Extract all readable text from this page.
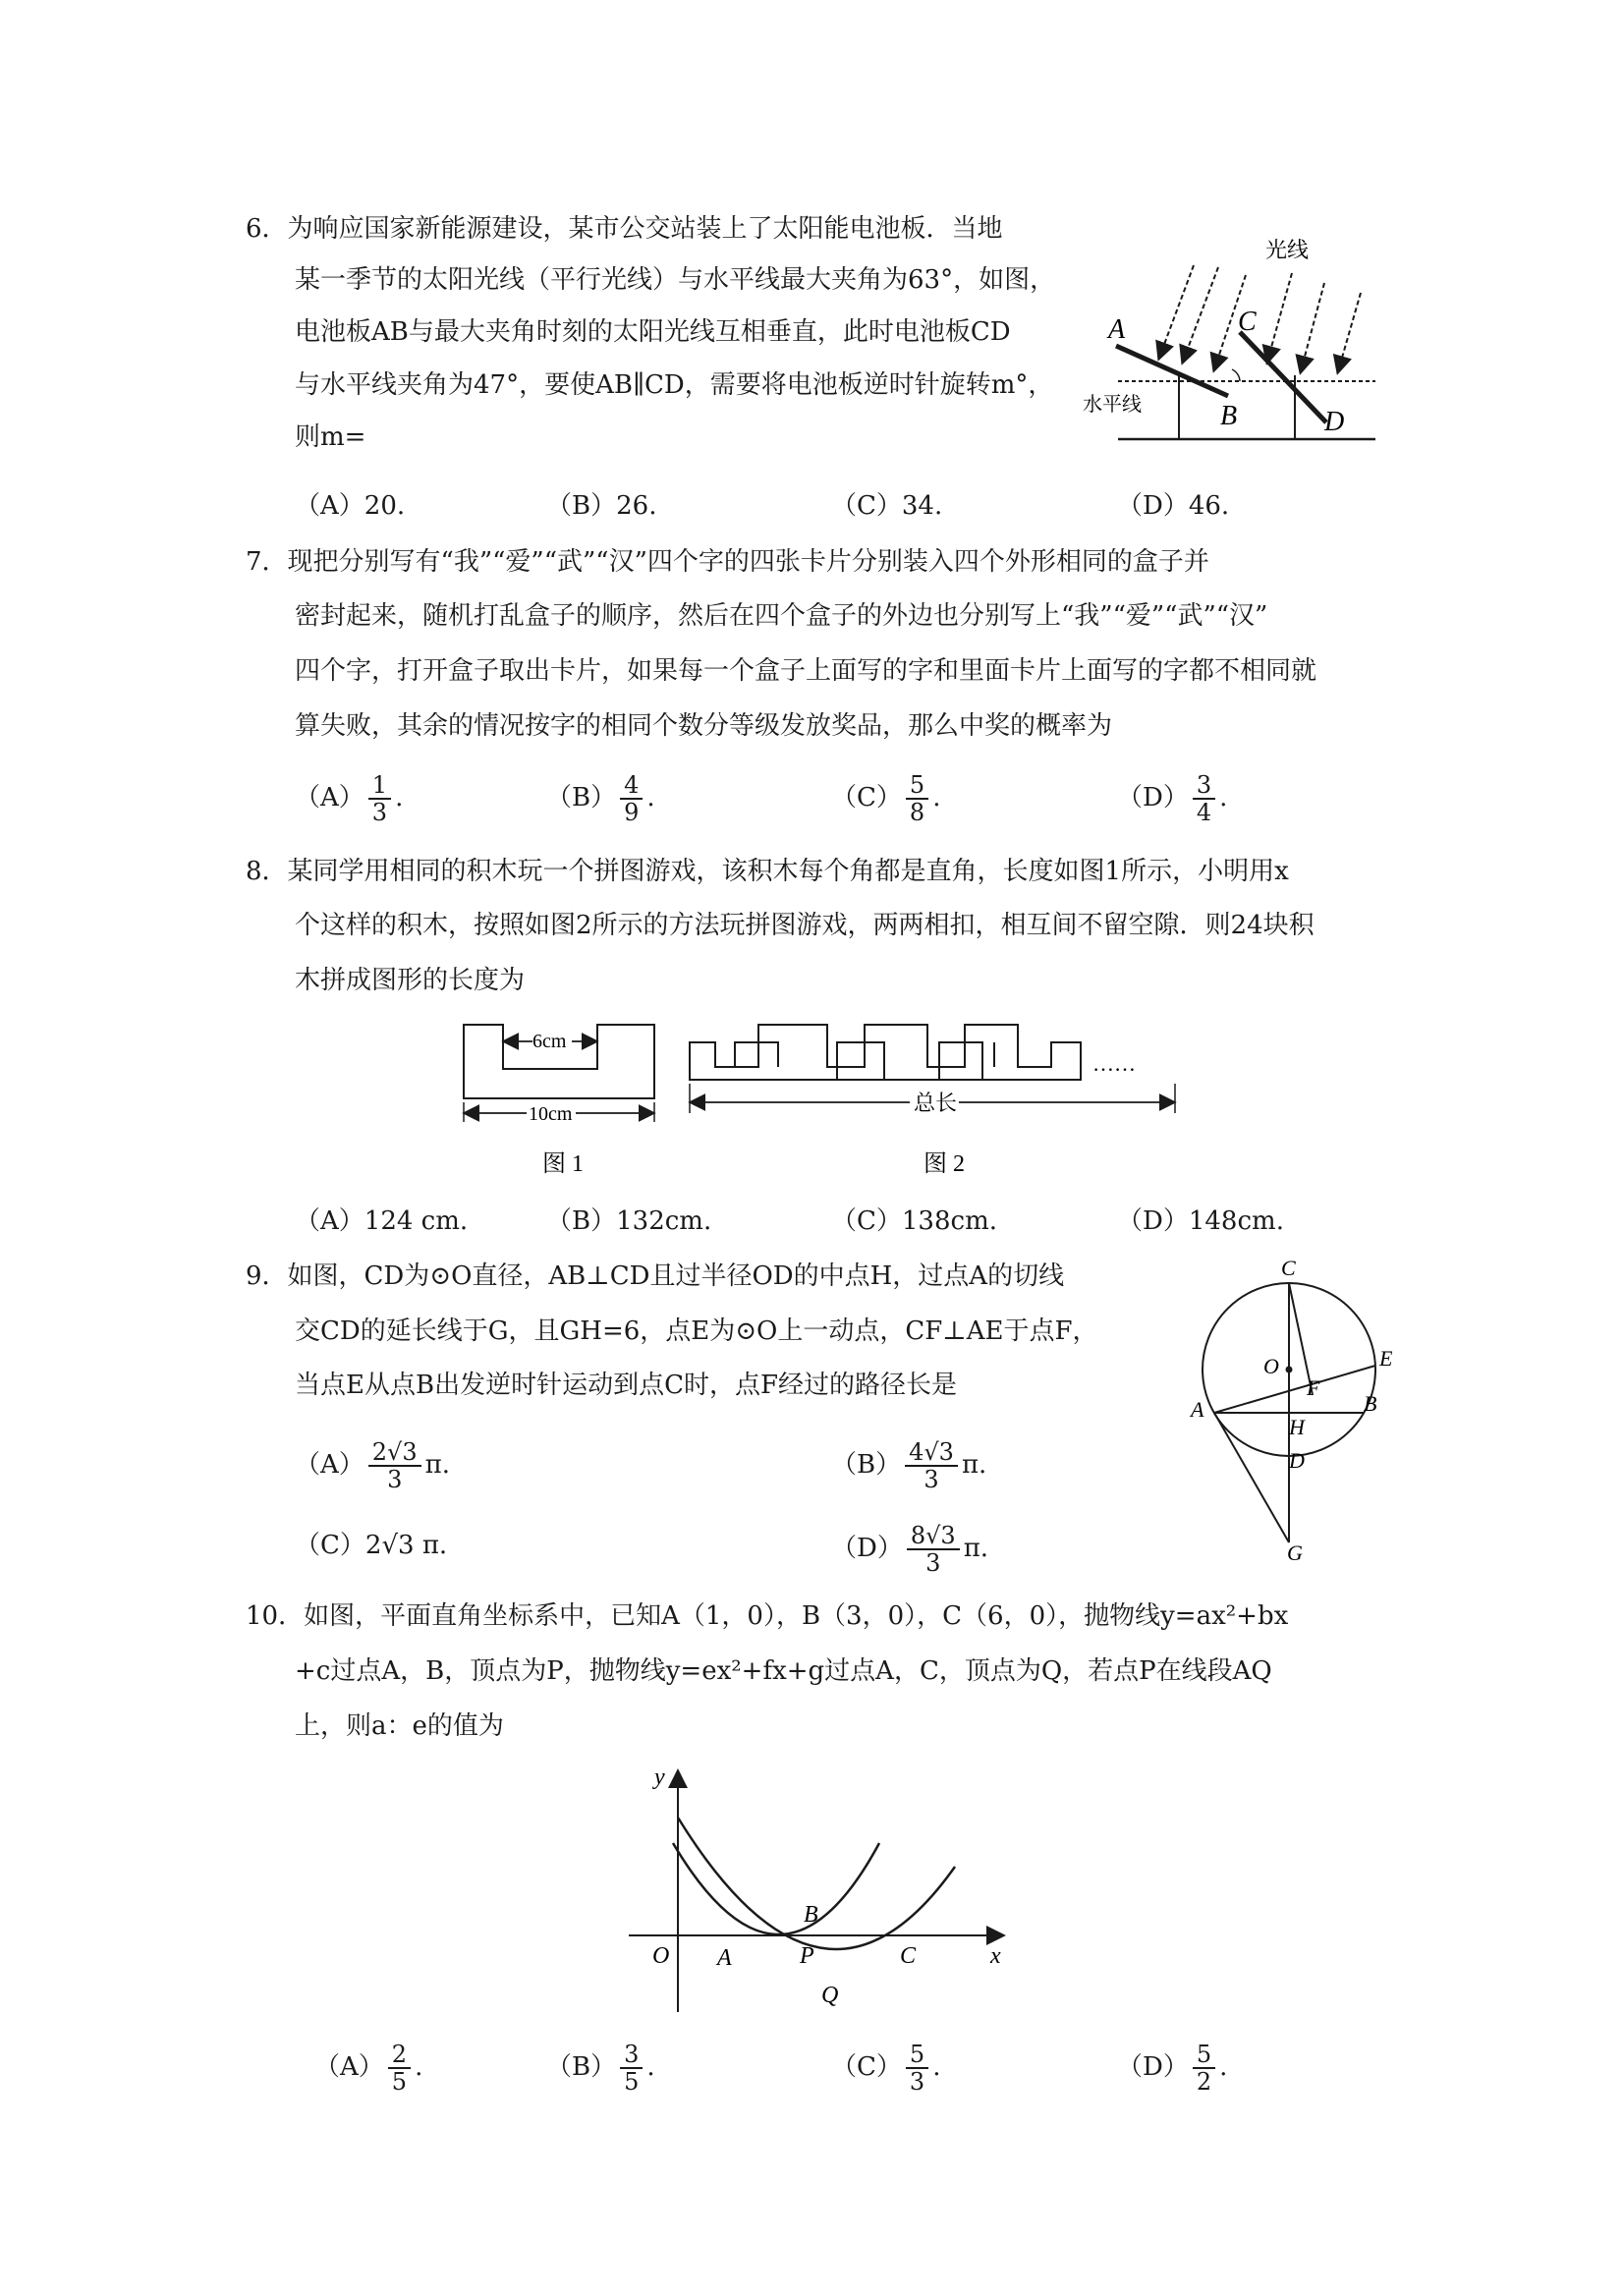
6．为响应国家新能源建设，某市公交站装上了太阳能电池板．当地
某一季节的太阳光线（平行光线）与水平线最大夹角为63°，如图，
电池板AB与最大夹角时刻的太阳光线互相垂直，此时电池板CD
与水平线夹角为47°，要使AB∥CD，需要将电池板逆时针旋转m°，
则m=
光线
水平线
A
B
C
D
（A）20.	（B）26.	（C）34.	（D）46.
7．现把分别写有“我”“爱”“武”“汉”四个字的四张卡片分别装入四个外形相同的盒子并
密封起来，随机打乱盒子的顺序，然后在四个盒子的外边也分别写上“我”“爱”“武”“汉”
四个字，打开盒子取出卡片，如果每一个盒子上面写的字和里面卡片上面写的字都不相同就
算失败，其余的情况按字的相同个数分等级发放奖品，那么中奖的概率为
$(A) \frac{1}{3}$ .	$(B) \frac{4}{9}$ .	$(C) \frac{5}{8}$ .	$(D) \frac{3}{4}$ .
8．某同学用相同的积木玩一个拼图游戏，该积木每个角都是直角，长度如图1所示，小明用x
个这样的积木，按照如图2所示的方法玩拼图游戏，两两相扣，相互间不留空隙．则24块积
木拼成图形的长度为
6cm
10cm	总长
……
图 1	图 2
（A）124 cm.	（B）132cm.	（C）138cm.	（D）148cm.
9．如图，CD为⊙O直径，AB⊥CD且过半径OD的中点H，过点A的切线
交CD的延长线于G，且GH=6，点E为⊙O上一动点，CF⊥AE于点F，
当点E从点B出发逆时针运动到点C时，点F经过的路径长是
C
O	E
F
A
H
B
D
G
$(A) \frac{2√3}{3} \pi$.	$(B) \frac{4√3}{3} \pi$.
（C）2√3 π.	$(D) \frac{8√3}{3} \pi$.
10．如图，平面直角坐标系中，已知A（1，0），B（3，0），C（6，0），抛物线y=ax²+bx
+c过点A，B，顶点为P，抛物线y=ex²+fx+g过点A，C，顶点为Q，若点P在线段AQ
上，则a：e的值为
y
x
O A
B
P	C
Q
$(A) \frac{2}{5}$ .	$(B) \frac{3}{5}$ .	$(C) \frac{5}{3}$ .	$(D) \frac{5}{2}$ .
